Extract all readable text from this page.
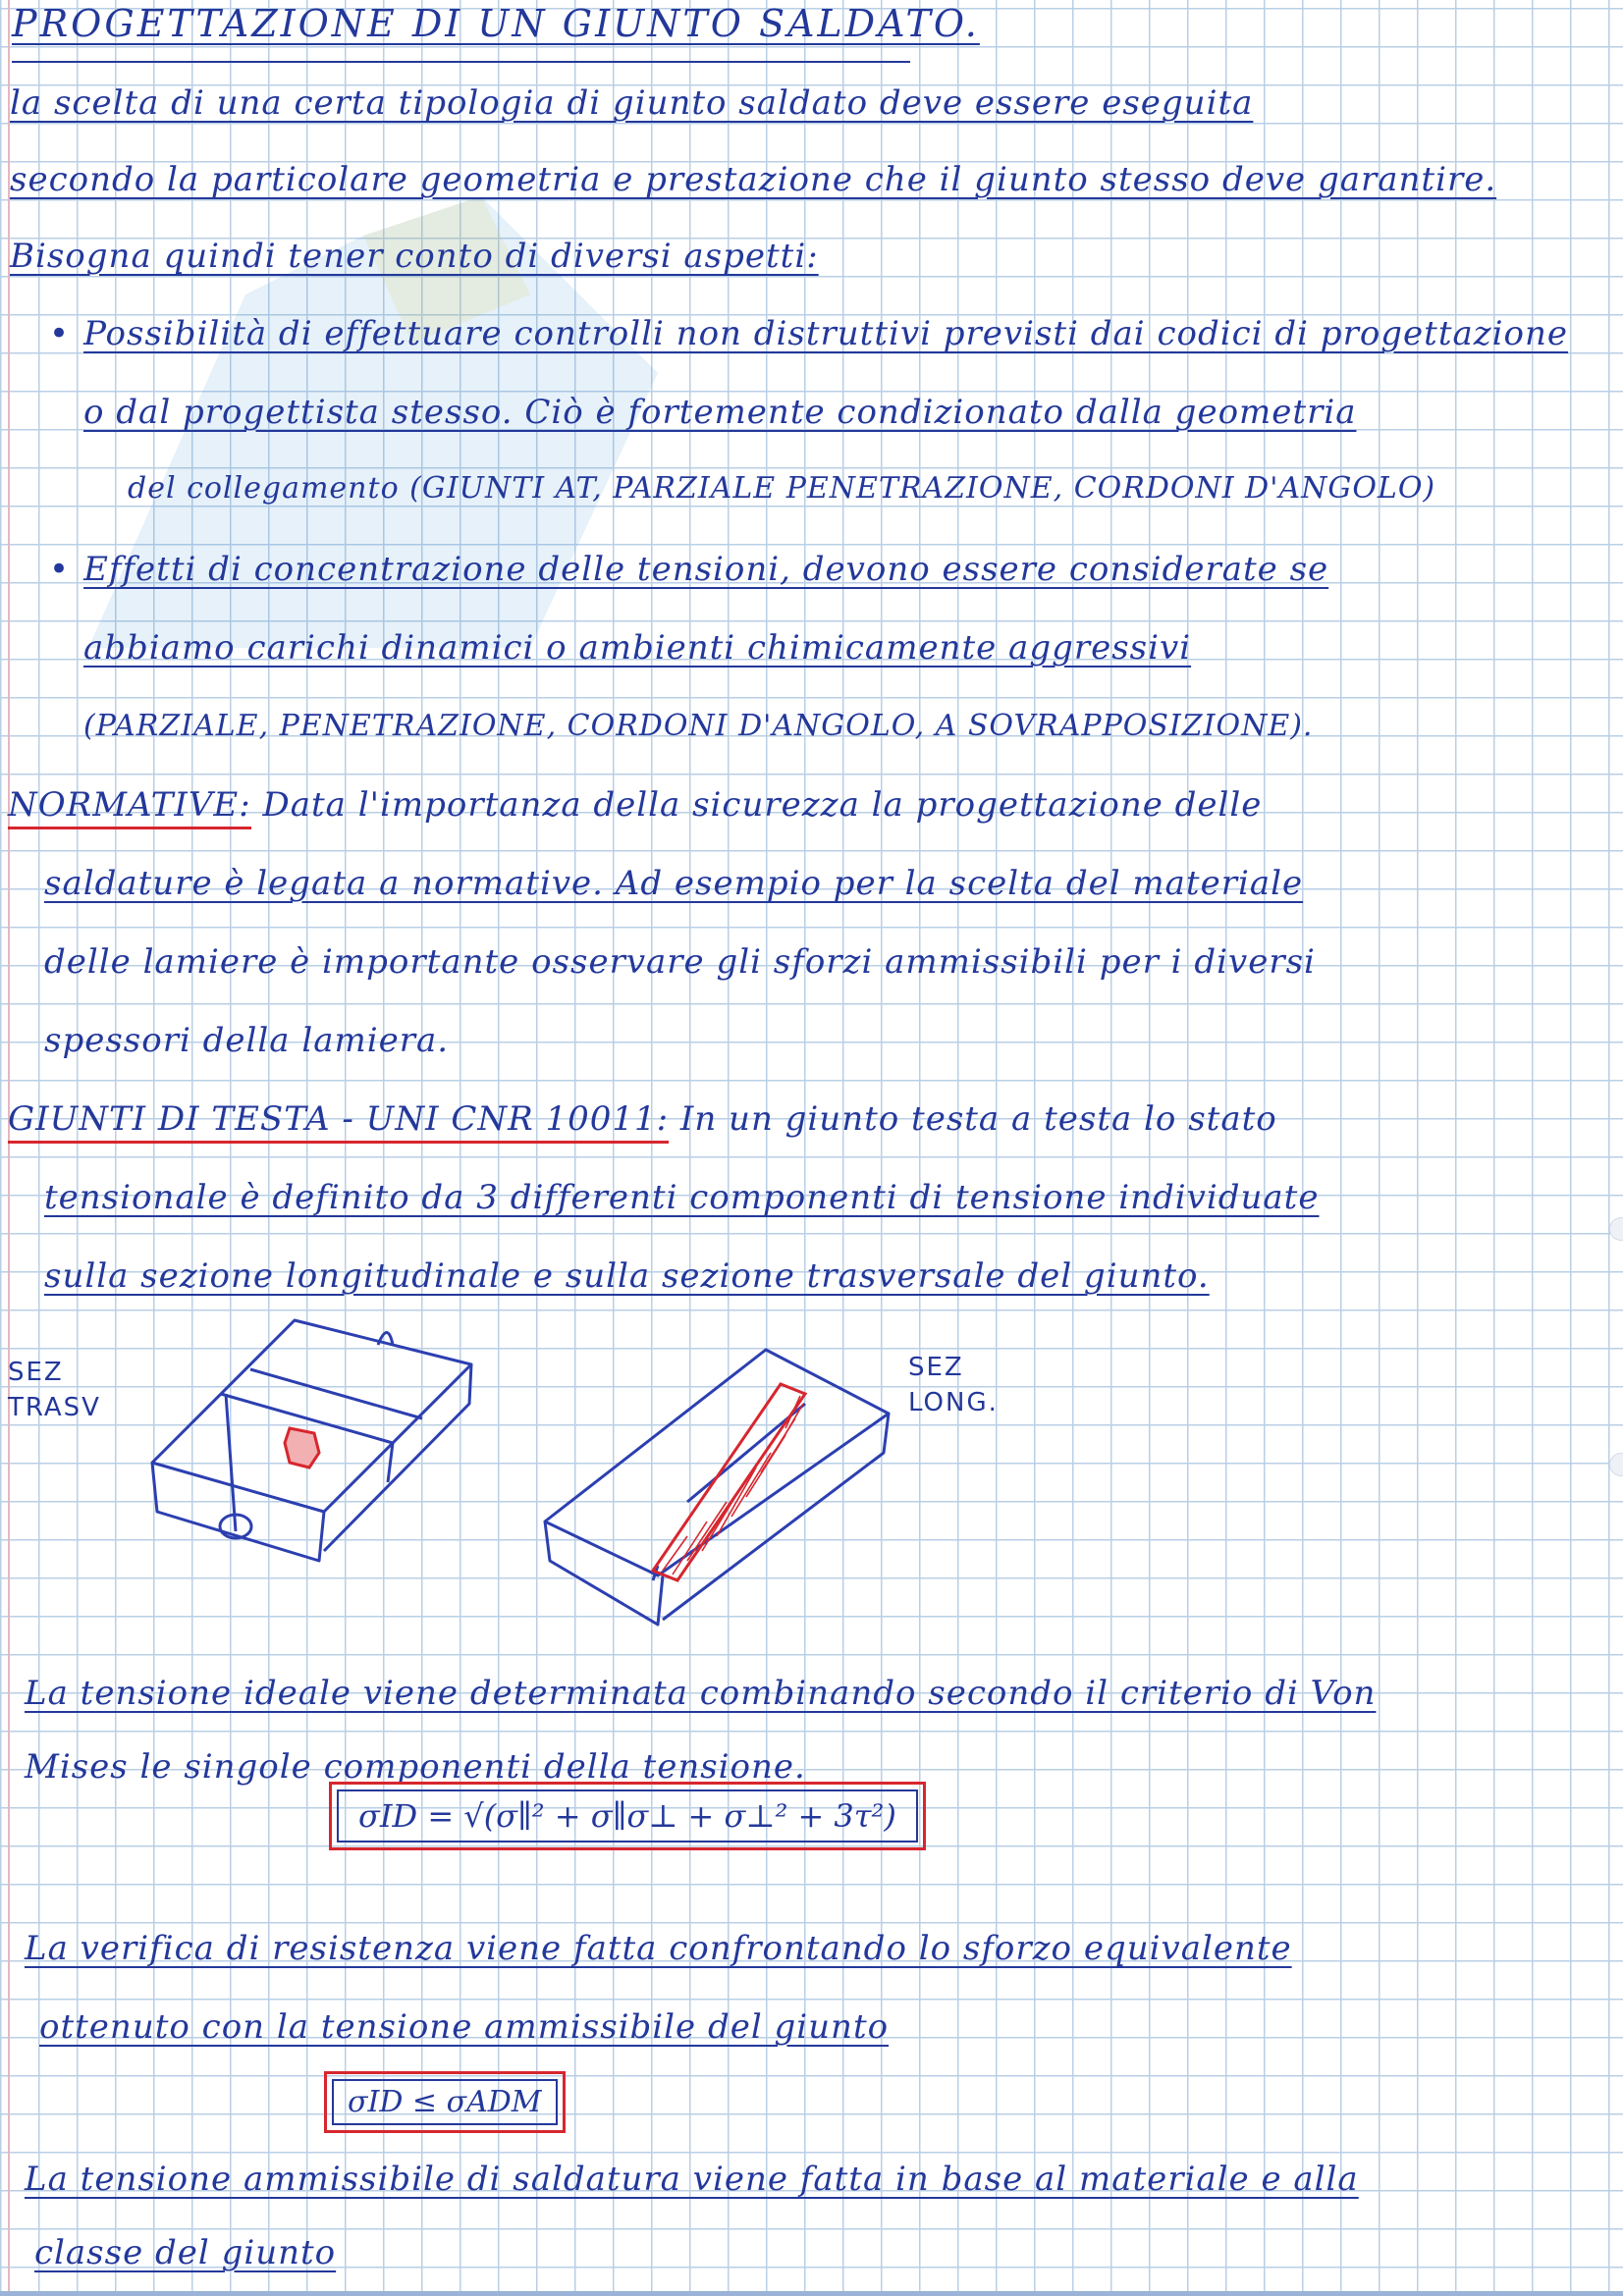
PROGETTAZIONE DI UN GIUNTO SALDATO.
la scelta di una certa tipologia di giunto saldato deve essere eseguita
secondo la particolare geometria e prestazione che il giunto stesso deve garantire.
Bisogna quindi tener conto di diversi aspetti:
• Possibilità di effettuare controlli non distruttivi previsti dai codici di progettazione
o dal progettista stesso. Ciò è fortemente condizionato dalla geometria
del collegamento (GIUNTI AT, PARZIALE PENETRAZIONE, CORDONI D'ANGOLO)
• Effetti di concentrazione delle tensioni, devono essere considerate se
abbiamo carichi dinamici o ambienti chimicamente aggressivi
(PARZIALE, PENETRAZIONE, CORDONI D'ANGOLO, A SOVRAPPOSIZIONE).
NORMATIVE: Data l'importanza della sicurezza la progettazione delle
saldature è legata a normative. Ad esempio per la scelta del materiale
delle lamiere è importante osservare gli sforzi ammissibili per i diversi
spessori della lamiera.
GIUNTI DI TESTA - UNI CNR 10011: In un giunto testa a testa lo stato
tensionale è definito da 3 differenti componenti di tensione individuate
sulla sezione longitudinale e sulla sezione trasversale del giunto.
SEZ
TRASV
SEZ
LONG.
La tensione ideale viene determinata combinando secondo il criterio di Von
Mises le singole componenti della tensione.
σID = √(σ∥² + σ∥σ⊥ + σ⊥² + 3τ²)
La verifica di resistenza viene fatta confrontando lo sforzo equivalente
ottenuto con la tensione ammissibile del giunto
σID ≤ σADM
La tensione ammissibile di saldatura viene fatta in base al materiale e alla
classe del giunto
